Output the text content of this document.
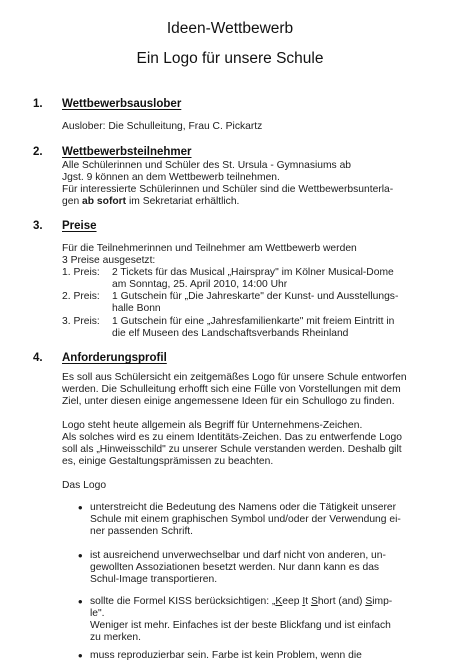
Ideen-Wettbewerb
Ein Logo für unsere Schule
1. Wettbewerbsauslober
Auslober: Die Schulleitung, Frau C. Pickartz
2. Wettbewerbsteilnehmer
Alle Schülerinnen und Schüler des St. Ursula - Gymnasiums ab
Jgst. 9 können an dem Wettbewerb teilnehmen.
Für interessierte Schülerinnen und Schüler sind die Wettbewerbsunterla-
gen ab sofort im Sekretariat erhältlich.
3. Preise
Für die Teilnehmerinnen und Teilnehmer am Wettbewerb werden
3 Preise ausgesetzt:
1. Preis: 2 Tickets für das Musical „Hairspray" im Kölner Musical-Dome
am Sonntag, 25. April 2010, 14:00 Uhr
2. Preis: 1 Gutschein für „Die Jahreskarte" der Kunst- und Ausstellungs-
halle Bonn
3. Preis: 1 Gutschein für eine „Jahresfamilienkarte" mit freiem Eintritt in
die elf Museen des Landschaftsverbands Rheinland
4. Anforderungsprofil
Es soll aus Schülersicht ein zeitgemäßes Logo für unsere Schule entworfen
werden. Die Schulleitung erhofft sich eine Fülle von Vorstellungen mit dem
Ziel, unter diesen einige angemessene Ideen für ein Schullogo zu finden.
Logo steht heute allgemein als Begriff für Unternehmens-Zeichen.
Als solches wird es zu einem Identitäts-Zeichen. Das zu entwerfende Logo
soll als „Hinweisschild" zu unserer Schule verstanden werden. Deshalb gilt
es, einige Gestaltungsprämissen zu beachten.
Das Logo
• unterstreicht die Bedeutung des Namens oder die Tätigkeit unserer
Schule mit einem graphischen Symbol und/oder der Verwendung ei-
ner passenden Schrift.
• ist ausreichend unverwechselbar und darf nicht von anderen, un-
gewollten Assoziationen besetzt werden. Nur dann kann es das
Schul-Image transportieren.
• sollte die Formel KISS berücksichtigen: „Keep It Short (and) Simp-
le".
Weniger ist mehr. Einfaches ist der beste Blickfang und ist einfach
zu merken.
• muss reproduzierbar sein. Farbe ist kein Problem, wenn die
